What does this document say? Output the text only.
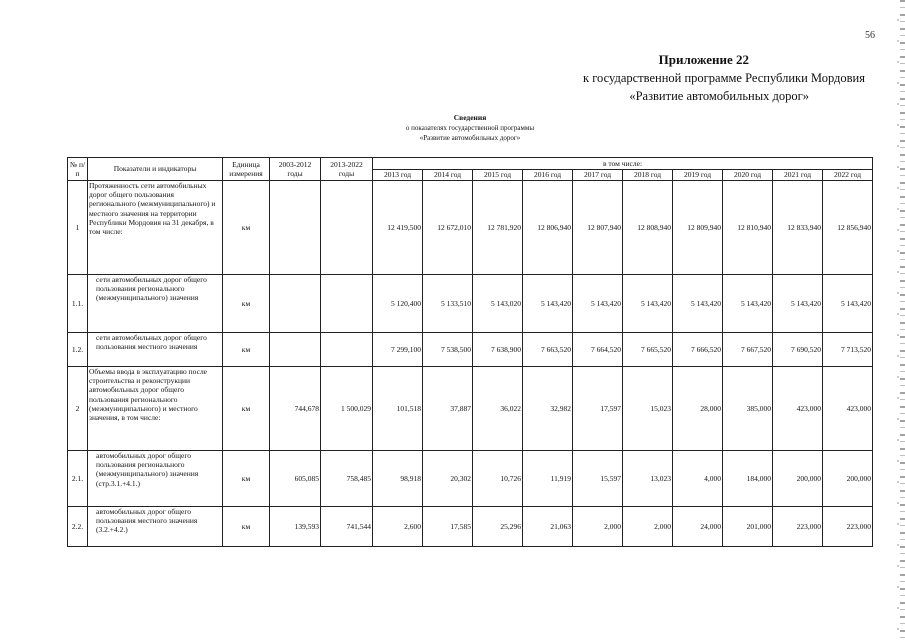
56
Приложение 22
к государственной программе Республики Мордовия
«Развитие автомобильных дорог»
Сведения
о показателях государственной программы
«Развитие автомобильных дорог»
№ п/п	Показатели и индикаторы	Единица измерения	2003-2012 годы	2013-2022 годы	в том числе:									
					2013 год	2014 год	2015 год	2016 год	2017 год	2018 год	2019 год	2020 год	2021 год	2022 год
1	Протяженность сети автомобильных дорог общего пользования регионального (межмуниципального) и местного значения на территории Республики Мордовия на 31 декабря, в том числе:	км			12 419,500	12 672,010	12 781,920	12 806,940	12 807,940	12 808,940	12 809,940	12 810,940	12 833,940	12 856,940
1.1.	сети автомобильных дорог общего пользования регионального (межмуниципального) значения	км			5 120,400	5 133,510	5 143,020	5 143,420	5 143,420	5 143,420	5 143,420	5 143,420	5 143,420	5 143,420
1.2.	сети автомобильных дорог общего пользования местного значения	км			7 299,100	7 538,500	7 638,900	7 663,520	7 664,520	7 665,520	7 666,520	7 667,520	7 690,520	7 713,520
2	Объемы ввода в эксплуатацию после строительства и реконструкции автомобильных дорог общего пользования регионального (межмуниципального) и местного значения, в том числе:	км	744,678	1 500,029	101,518	37,887	36,022	32,982	17,597	15,023	28,000	385,000	423,000	423,000
2.1.	автомобильных дорог общего пользования регионального (межмуниципального) значения (стр.3.1.+4.1.)	км	605,085	758,485	98,918	20,302	10,726	11,919	15,597	13,023	4,000	184,000	200,000	200,000
2.2.	автомобильных дорог общего пользования местного значения (3.2.+4.2.)	км	139,593	741,544	2,600	17,585	25,296	21,063	2,000	2,000	24,000	201,000	223,000	223,000
